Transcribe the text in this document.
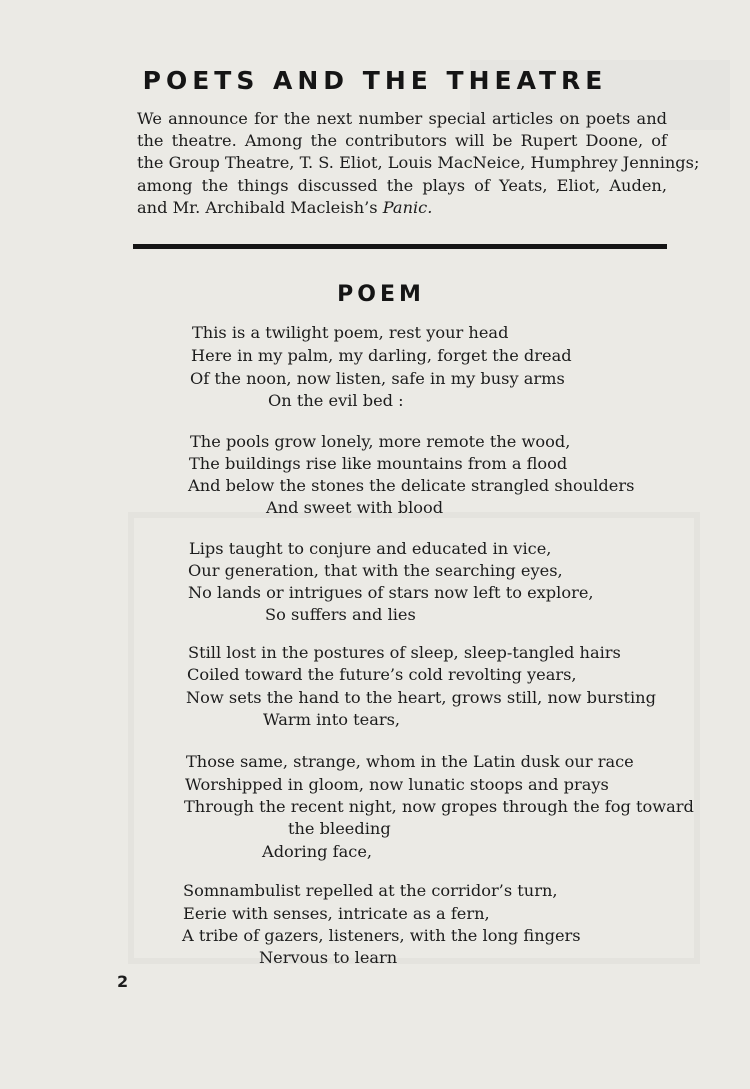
POETS AND THE THEATRE
We announce for the next number special articles on poets and
the theatre. Among the contributors will be Rupert Doone, of
the Group Theatre, T. S. Eliot, Louis MacNeice, Humphrey Jennings;
among the things discussed the plays of Yeats, Eliot, Auden,
and Mr. Archibald Macleish’s Panic.
POEM
This is a twilight poem, rest your head
Here in my palm, my darling, forget the dread
Of the noon, now listen, safe in my busy arms
On the evil bed :
The pools grow lonely, more remote the wood,
The buildings rise like mountains from a flood
And below the stones the delicate strangled shoulders
And sweet with blood
Lips taught to conjure and educated in vice,
Our generation, that with the searching eyes,
No lands or intrigues of stars now left to explore,
So suffers and lies
Still lost in the postures of sleep, sleep-tangled hairs
Coiled toward the future’s cold revolting years,
Now sets the hand to the heart, grows still, now bursting
Warm into tears,
Those same, strange, whom in the Latin dusk our race
Worshipped in gloom, now lunatic stoops and prays
Through the recent night, now gropes through the fog toward
the bleeding
Adoring face,
Somnambulist repelled at the corridor’s turn,
Eerie with senses, intricate as a fern,
A tribe of gazers, listeners, with the long fingers
Nervous to learn
2
